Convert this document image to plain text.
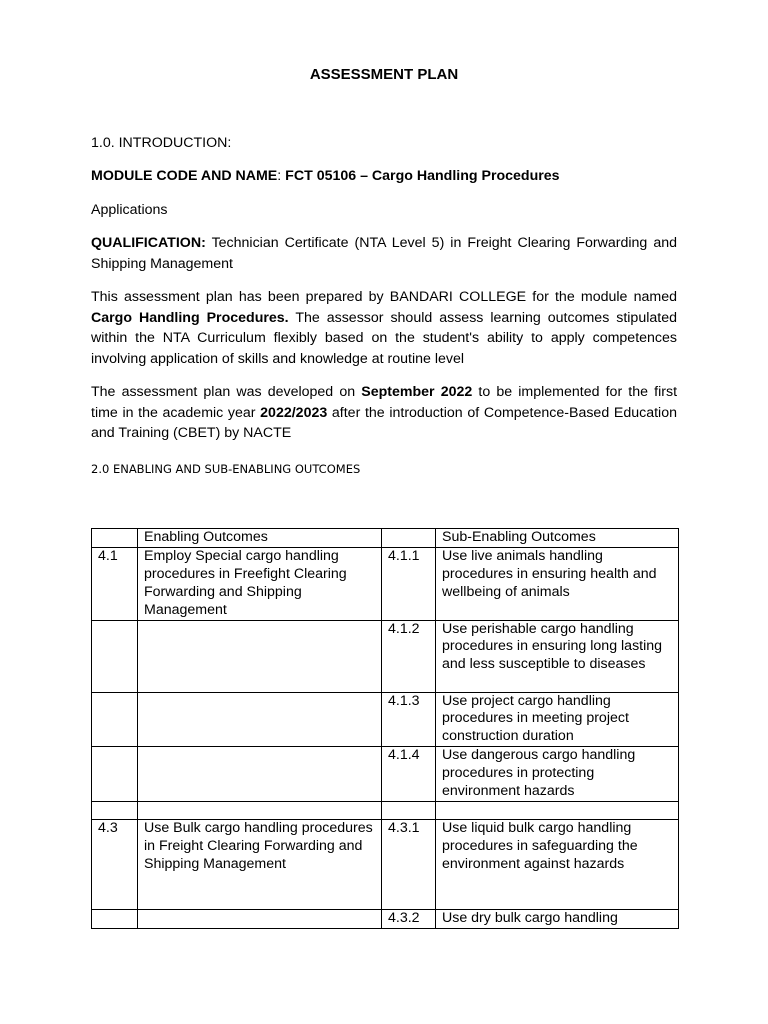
ASSESSMENT PLAN
1.0. INTRODUCTION:
MODULE CODE AND NAME: FCT 05106 – Cargo Handling Procedures
Applications
QUALIFICATION: Technician Certificate (NTA Level 5) in Freight Clearing Forwarding and Shipping Management
This assessment plan has been prepared by BANDARI COLLEGE for the module named Cargo Handling Procedures. The assessor should assess learning outcomes stipulated within the NTA Curriculum flexibly based on the student's ability to apply competences involving application of skills and knowledge at routine level
The assessment plan was developed on September 2022 to be implemented for the first time in the academic year 2022/2023 after the introduction of Competence-Based Education and Training (CBET) by NACTE
2.0 ENABLING AND SUB-ENABLING OUTCOMES
	Enabling Outcomes		Sub-Enabling Outcomes
4.1	Employ Special cargo handling procedures in Freefight Clearing Forwarding and Shipping Management	4.1.1	Use live animals handling procedures in ensuring health and wellbeing of animals
		4.1.2	Use perishable cargo handling procedures in ensuring long lasting and less susceptible to diseases
		4.1.3	Use project cargo handling procedures in meeting project construction duration
		4.1.4	Use dangerous cargo handling procedures in protecting environment hazards

4.3	Use Bulk cargo handling procedures in Freight Clearing Forwarding and Shipping Management	4.3.1	Use liquid bulk cargo handling procedures in safeguarding the environment against hazards
		4.3.2	Use dry bulk cargo handling
